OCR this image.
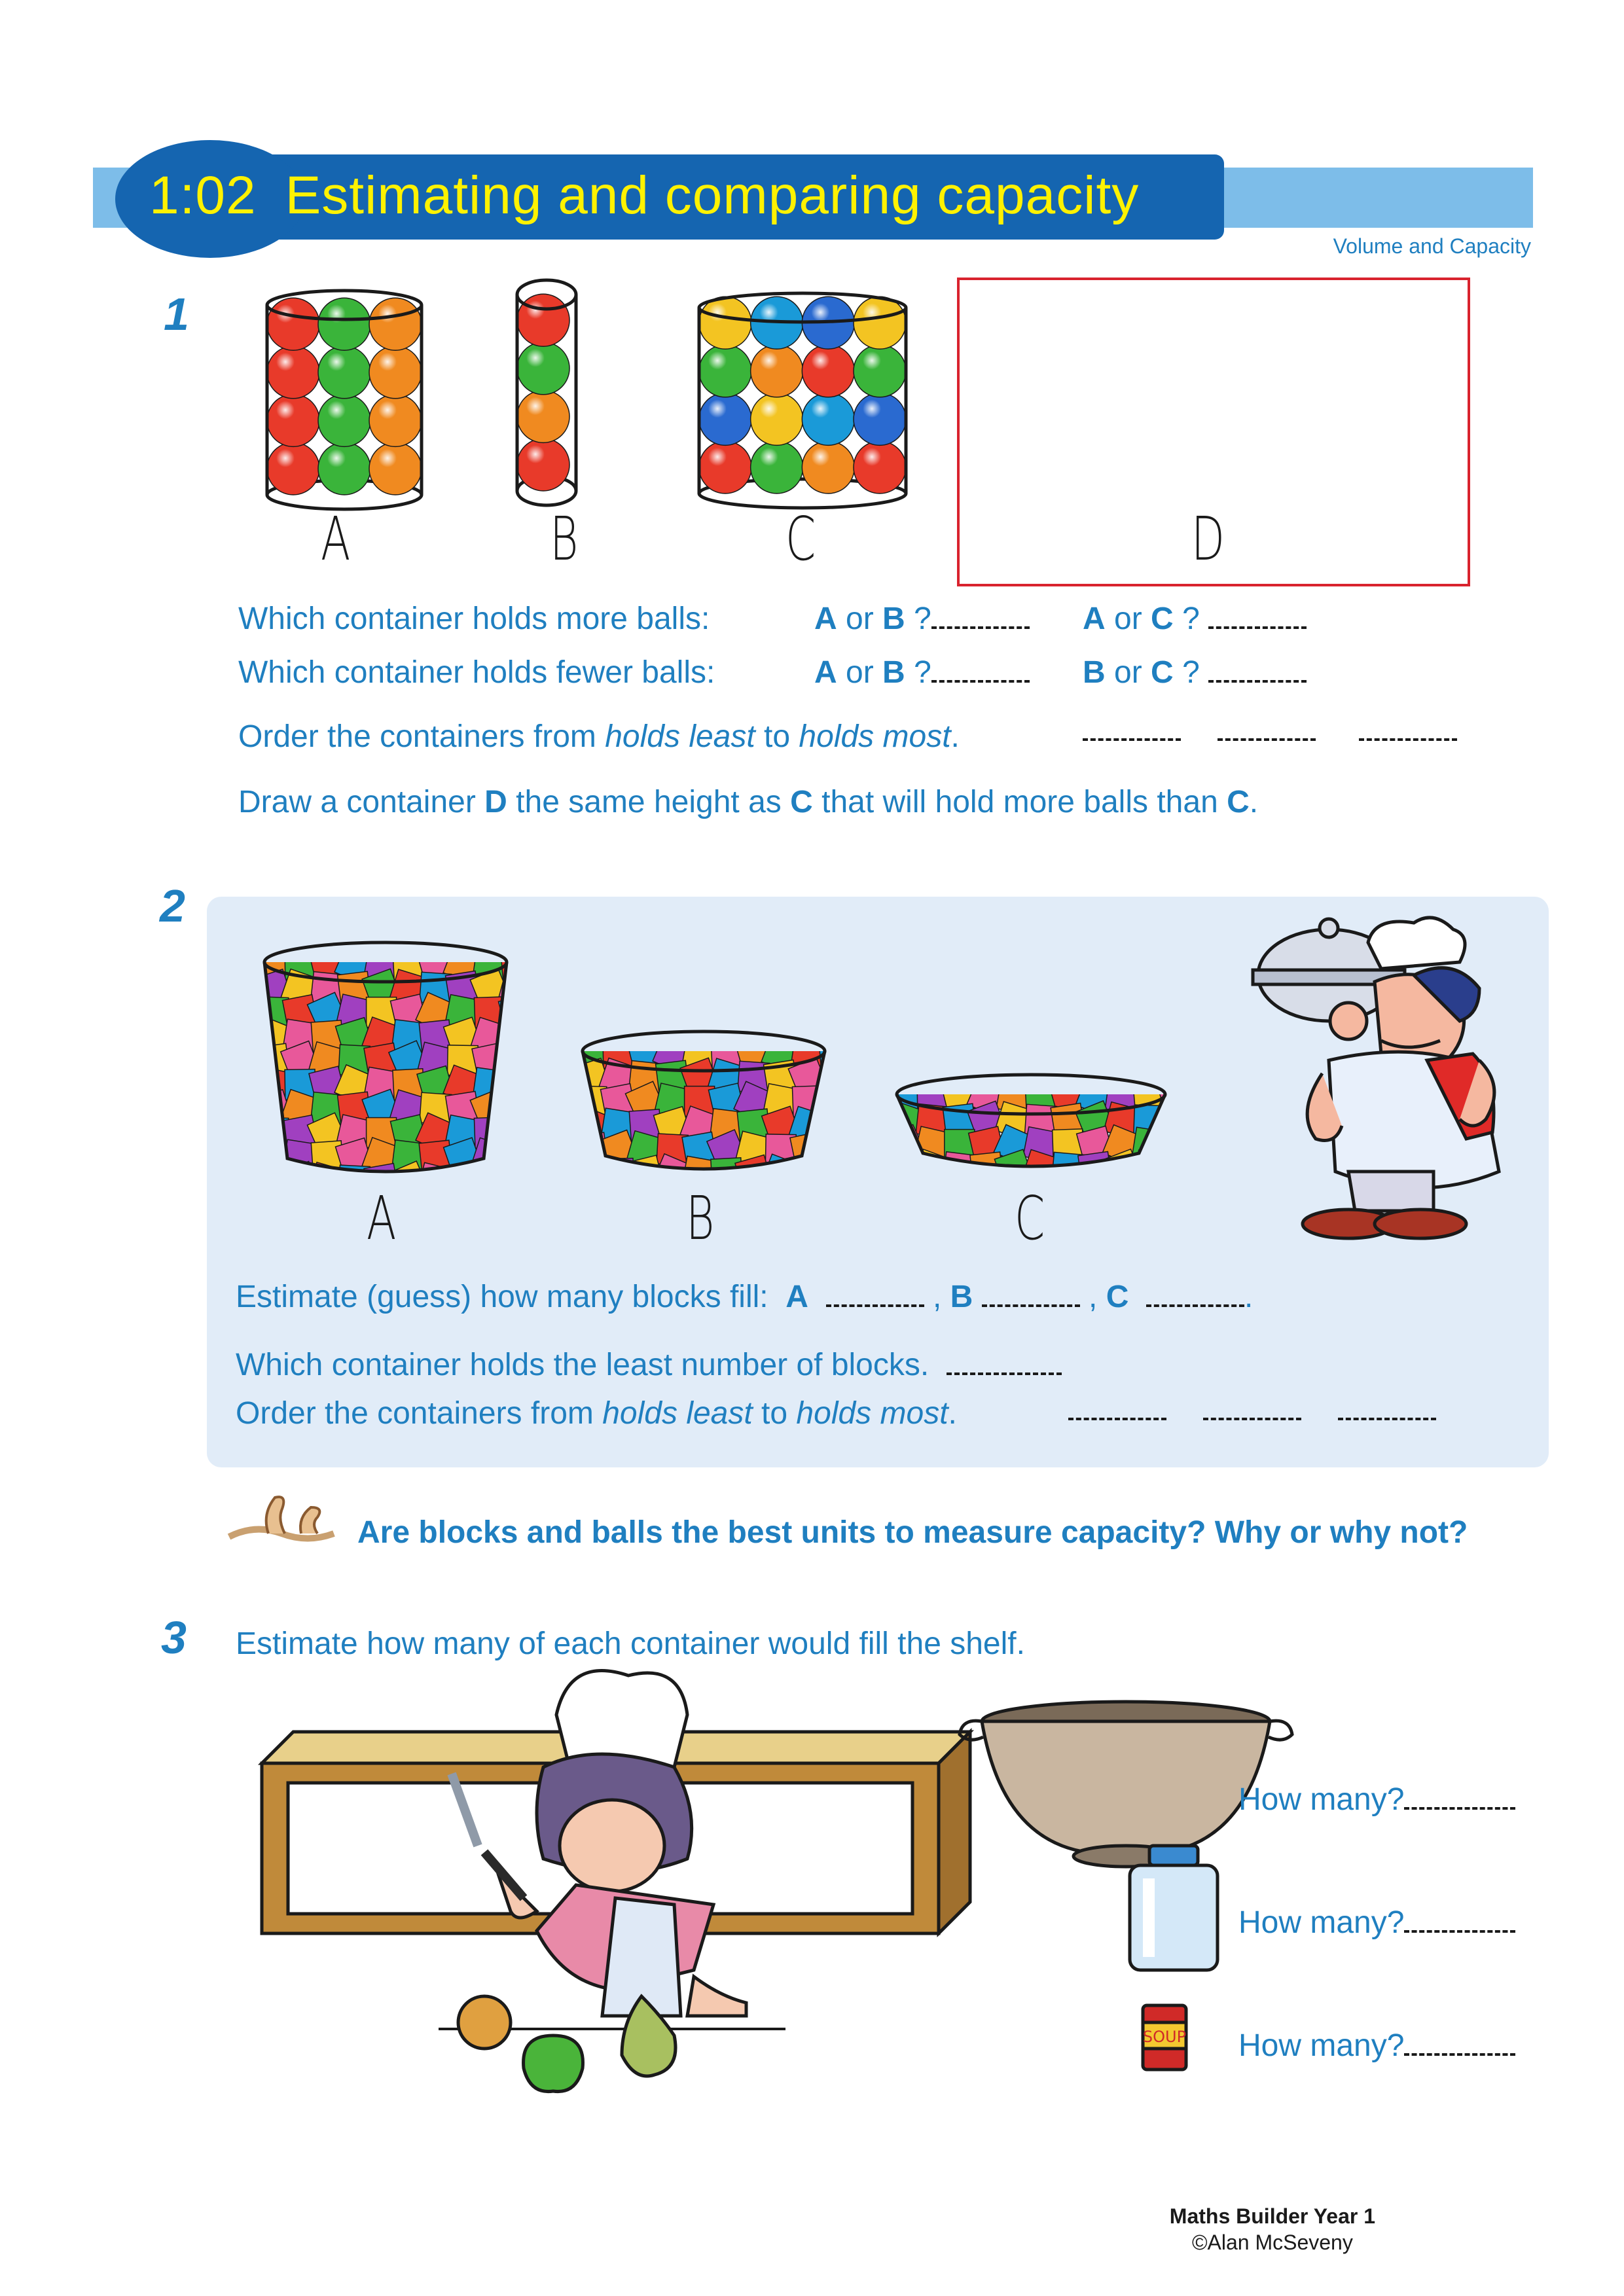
1:02 Estimating and comparing capacity
Volume and Capacity
1
A	B	C	D
Which container holds more balls:	A or B ?	A or C ?
Which container holds fewer balls:	A or B ?	B or C ?
Order the containers from holds least to holds most.
Draw a container D the same height as C that will hold more balls than C.
2
A	B	C
Estimate (guess) how many blocks fill: A	, B	, C	.
Which container holds the least number of blocks.
Order the containers from holds least to holds most.
Are blocks and balls the best units to measure capacity? Why or why not?
3 Estimate how many of each container would fill the shelf.
SOUP
How many?
How many?
How many?
Maths Builder Year 1
©Alan McSeveny
